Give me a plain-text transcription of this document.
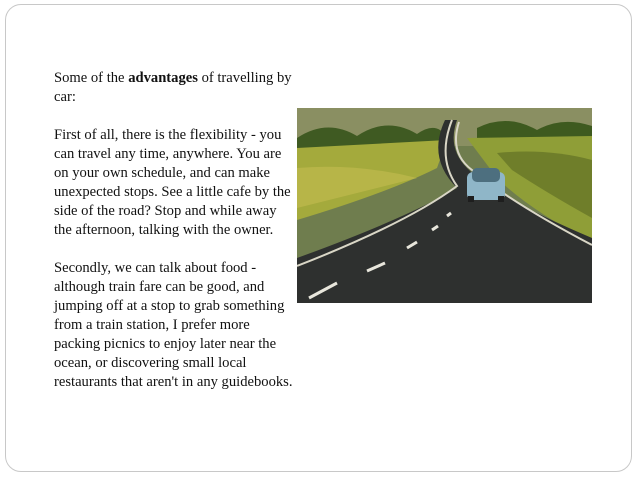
Some of the advantages of travelling by car:

First of all, there is the flexibility - you can travel any time, anywhere. You are on your own schedule, and can make unexpected stops. See a little cafe by the side of the road? Stop and while away the afternoon, talking with the owner.

Secondly, we can talk about food - although train fare can be good, and jumping off at a stop to grab something from a train station, I prefer more packing picnics to enjoy later near the ocean, or discovering small local restaurants that aren't in any guidebooks.
